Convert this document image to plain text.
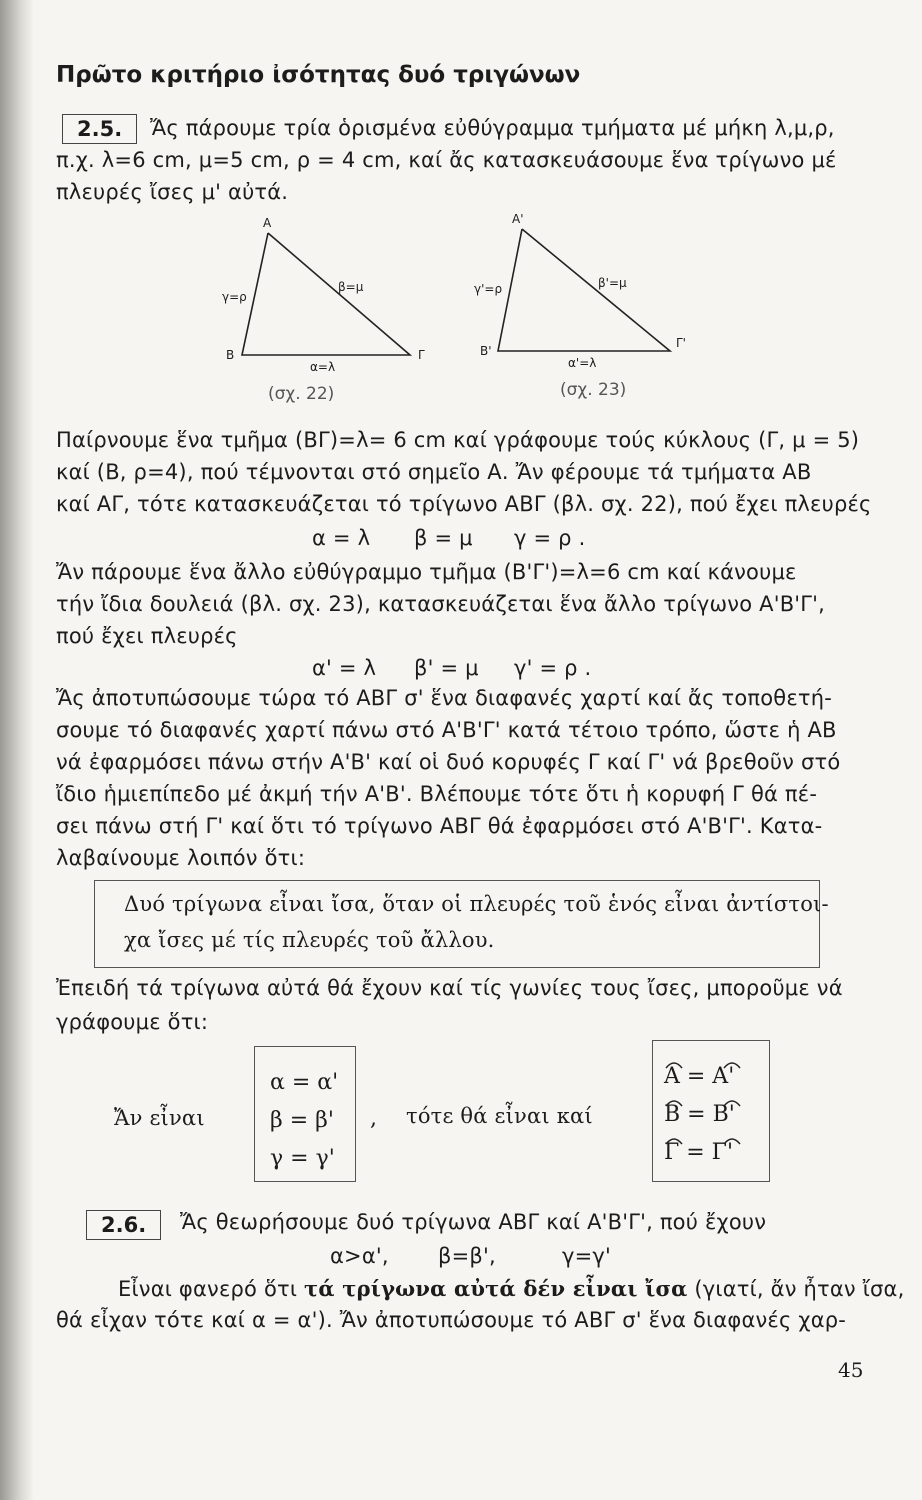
Πρῶτο κριτήριο ἰσότητας δυό τριγώνων
2.5.	Ἄς πάρουμε τρία ὁρισμένα εὐθύγραμμα τμήματα μέ μήκη λ,μ,ρ,
π.χ. λ=6 cm, μ=5 cm, ρ = 4 cm, καί ἄς κατασκευάσουμε ἕνα τρίγωνο μέ
πλευρές ἴσες μ' αὐτά.
A
B	Γ
γ=ρ
β=μ
α=λ
(σχ. 22)
A'
B'
Γ'
γ'=ρ	β'=μ
α'=λ
(σχ. 23)
Παίρνουμε ἕνα τμῆμα (ΒΓ)=λ= 6 cm καί γράφουμε τούς κύκλους (Γ, μ = 5)
καί (Β, ρ=4), πού τέμνονται στό σημεῖο Α. Ἄν φέρουμε τά τμήματα ΑΒ
καί ΑΓ, τότε κατασκευάζεται τό τρίγωνο ΑΒΓ (βλ. σχ. 22), πού ἔχει πλευρές
α = λ β = μ γ = ρ .
Ἄν πάρουμε ἕνα ἄλλο εὐθύγραμμο τμῆμα (Β'Γ')=λ=6 cm καί κάνουμε
τήν ἴδια δουλειά (βλ. σχ. 23), κατασκευάζεται ἕνα ἄλλο τρίγωνο Α'Β'Γ',
πού ἔχει πλευρές
α' = λ β' = μ γ' = ρ .
Ἄς ἀποτυπώσουμε τώρα τό ΑΒΓ σ' ἕνα διαφανές χαρτί καί ἄς τοποθετή-
σουμε τό διαφανές χαρτί πάνω στό Α'Β'Γ' κατά τέτοιο τρόπο, ὥστε ἡ ΑΒ
νά ἐφαρμόσει πάνω στήν Α'Β' καί οἱ δυό κορυφές Γ καί Γ' νά βρεθοῦν στό
ἴδιο ἡμιεπίπεδο μέ ἀκμή τήν Α'Β'. Βλέπουμε τότε ὅτι ἡ κορυφή Γ θά πέ-
σει πάνω στή Γ' καί ὅτι τό τρίγωνο ΑΒΓ θά ἐφαρμόσει στό Α'Β'Γ'. Κατα-
λαβαίνουμε λοιπόν ὅτι:
Δυό τρίγωνα εἶναι ἴσα, ὅταν οἱ πλευρές τοῦ ἑνός εἶναι ἀντίστοι-
χα ἴσες μέ τίς πλευρές τοῦ ἄλλου.
Ἐπειδή τά τρίγωνα αὐτά θά ἔχουν καί τίς γωνίες τους ἴσες, μποροῦμε νά
γράφουμε ὅτι:
Ἄν εἶναι
α = α'
β = β'
γ = γ'
, τότε θά εἶναι καί
Α = Α'
Β = Β'
Γ = Γ'
2.6.	Ἄς θεωρήσουμε δυό τρίγωνα ΑΒΓ καί Α'Β'Γ', πού ἔχουν
α>α', β=β',	γ=γ'
Εἶναι φανερό ὅτι τά τρίγωνα αὐτά δέν εἶναι ἴσα (γιατί, ἄν ἦταν ἴσα,
θά εἶχαν τότε καί α = α'). Ἄν ἀποτυπώσουμε τό ΑΒΓ σ' ἕνα διαφανές χαρ-
45
